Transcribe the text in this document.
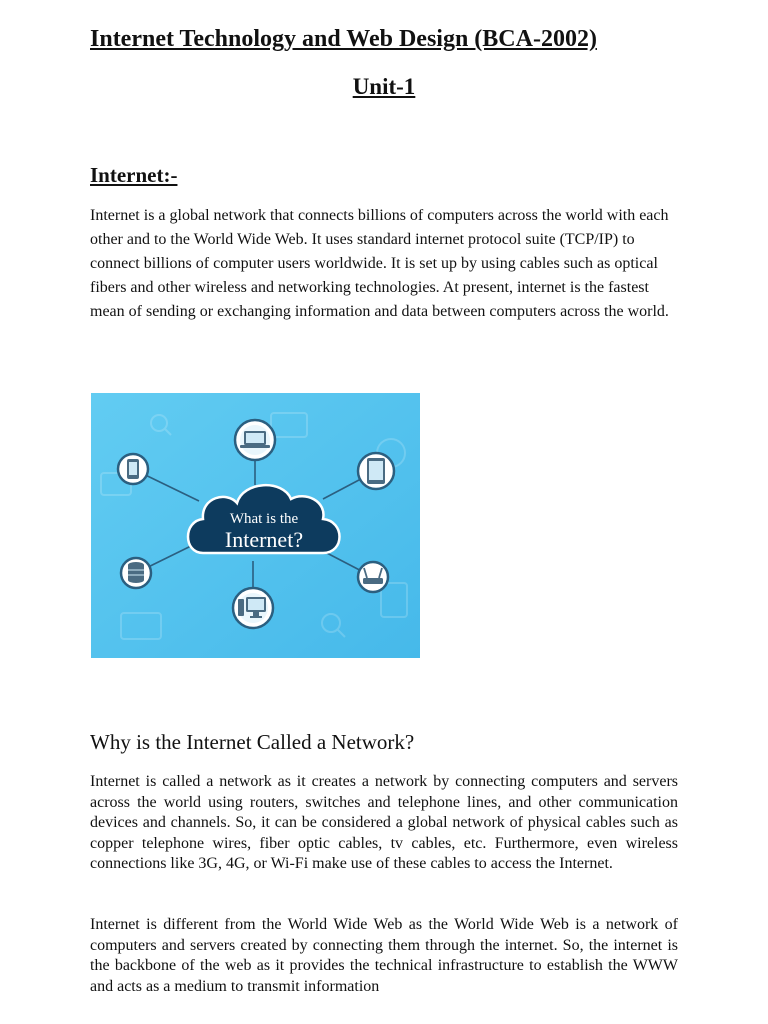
Internet Technology and Web Design (BCA-2002)
Unit-1
Internet:-

Internet is a global network that connects billions of computers across the world with each other and to the World Wide Web. It uses standard internet protocol suite (TCP/IP) to connect billions of computer users worldwide. It is set up by using cables such as optical fibers and other wireless and networking technologies. At present, internet is the fastest mean of sending or exchanging information and data between computers across the world.

What is the
Internet?
Why is the Internet Called a Network?

Internet is called a network as it creates a network by connecting computers and servers across the world using routers, switches and telephone lines, and other communication devices and channels. So, it can be considered a global network of physical cables such as copper telephone wires, fiber optic cables, tv cables, etc. Furthermore, even wireless connections like 3G, 4G, or Wi-Fi make use of these cables to access the Internet.

Internet is different from the World Wide Web as the World Wide Web is a network of computers and servers created by connecting them through the internet. So, the internet is the backbone of the web as it provides the technical infrastructure to establish the WWW and acts as a medium to transmit information
